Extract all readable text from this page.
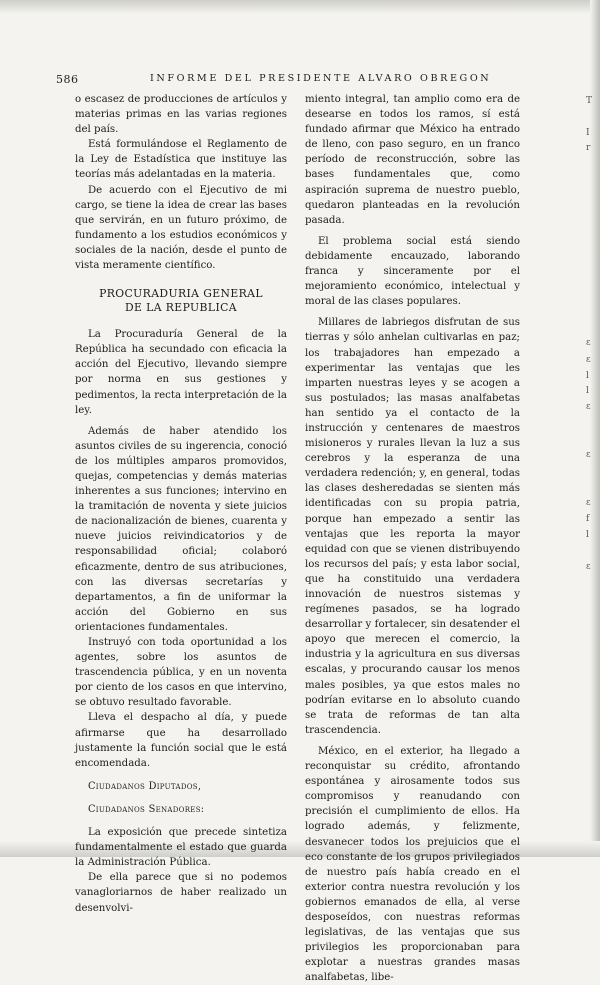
586	INFORME DEL PRESIDENTE ALVARO OBREGON

o escasez de producciones de artículos y materias primas en las varias regiones del país.

Está formulándose el Reglamento de la Ley de Estadística que instituye las teorías más adelantadas en la materia.

De acuerdo con el Ejecutivo de mi cargo, se tiene la idea de crear las bases que servirán, en un futuro próximo, de fundamento a los estudios económicos y sociales de la nación, desde el punto de vista meramente científico.

PROCURADURIA GENERAL
DE LA REPUBLICA

La Procuraduría General de la República ha secundado con eficacia la acción del Ejecutivo, llevando siempre por norma en sus gestiones y pedimentos, la recta interpretación de la ley.

Además de haber atendido los asuntos civiles de su ingerencia, conoció de los múltiples amparos promovidos, quejas, competencias y demás materias inherentes a sus funciones; intervino en la tramitación de noventa y siete juicios de nacionalización de bienes, cuarenta y nueve juicios reivindicatorios y de responsabilidad oficial; colaboró eficazmente, dentro de sus atribuciones, con las diversas secretarías y departamentos, a fin de uniformar la acción del Gobierno en sus orientaciones fundamentales.

Instruyó con toda oportunidad a los agentes, sobre los asuntos de trascendencia pública, y en un noventa por ciento de los casos en que intervino, se obtuvo resultado favorable.

Lleva el despacho al día, y puede afirmarse que ha desarrollado justamente la función social que le está encomendada.

Ciudadanos Diputados,

Ciudadanos Senadores:

La exposición que precede sintetiza fundamentalmente el estado que guarda la Administración Pública.

De ella parece que si no podemos vanagloriarnos de haber realizado un desenvolvi-

miento integral, tan amplio como era de desearse en todos los ramos, sí está fundado afirmar que México ha entrado de lleno, con paso seguro, en un franco período de reconstrucción, sobre las bases fundamentales que, como aspiración suprema de nuestro pueblo, quedaron planteadas en la revolución pasada.

El problema social está siendo debidamente encauzado, laborando franca y sinceramente por el mejoramiento económico, intelectual y moral de las clases populares.

Millares de labriegos disfrutan de sus tierras y sólo anhelan cultivarlas en paz; los trabajadores han empezado a experimentar las ventajas que les imparten nuestras leyes y se acogen a sus postulados; las masas analfabetas han sentido ya el contacto de la instrucción y centenares de maestros misioneros y rurales llevan la luz a sus cerebros y la esperanza de una verdadera redención; y, en general, todas las clases desheredadas se sienten más identificadas con su propia patria, porque han empezado a sentir las ventajas que les reporta la mayor equidad con que se vienen distribuyendo los recursos del país; y esta labor social, que ha constituido una verdadera innovación de nuestros sistemas y regímenes pasados, se ha logrado desarrollar y fortalecer, sin desatender el apoyo que merecen el comercio, la industria y la agricultura en sus diversas escalas, y procurando causar los menos males posibles, ya que estos males no podrían evitarse en lo absoluto cuando se trata de reformas de tan alta trascendencia.

México, en el exterior, ha llegado a reconquistar su crédito, afrontando espontánea y airosamente todos sus compromisos y reanudando con precisión el cumplimiento de ellos. Ha logrado además, y felizmente, desvanecer todos los prejuicios que el eco constante de los grupos privilegiados de nuestro país había creado en el exterior contra nuestra revolución y los gobiernos emanados de ella, al verse desposeídos, con nuestras reformas legislativas, de las ventajas que sus privilegios les proporcionaban para explotar a nuestras grandes masas analfabetas, libe-

T
I
r
ɛ
ɛ
l
l
ɛ
ɛ
ɛ
f
l
ɛ
